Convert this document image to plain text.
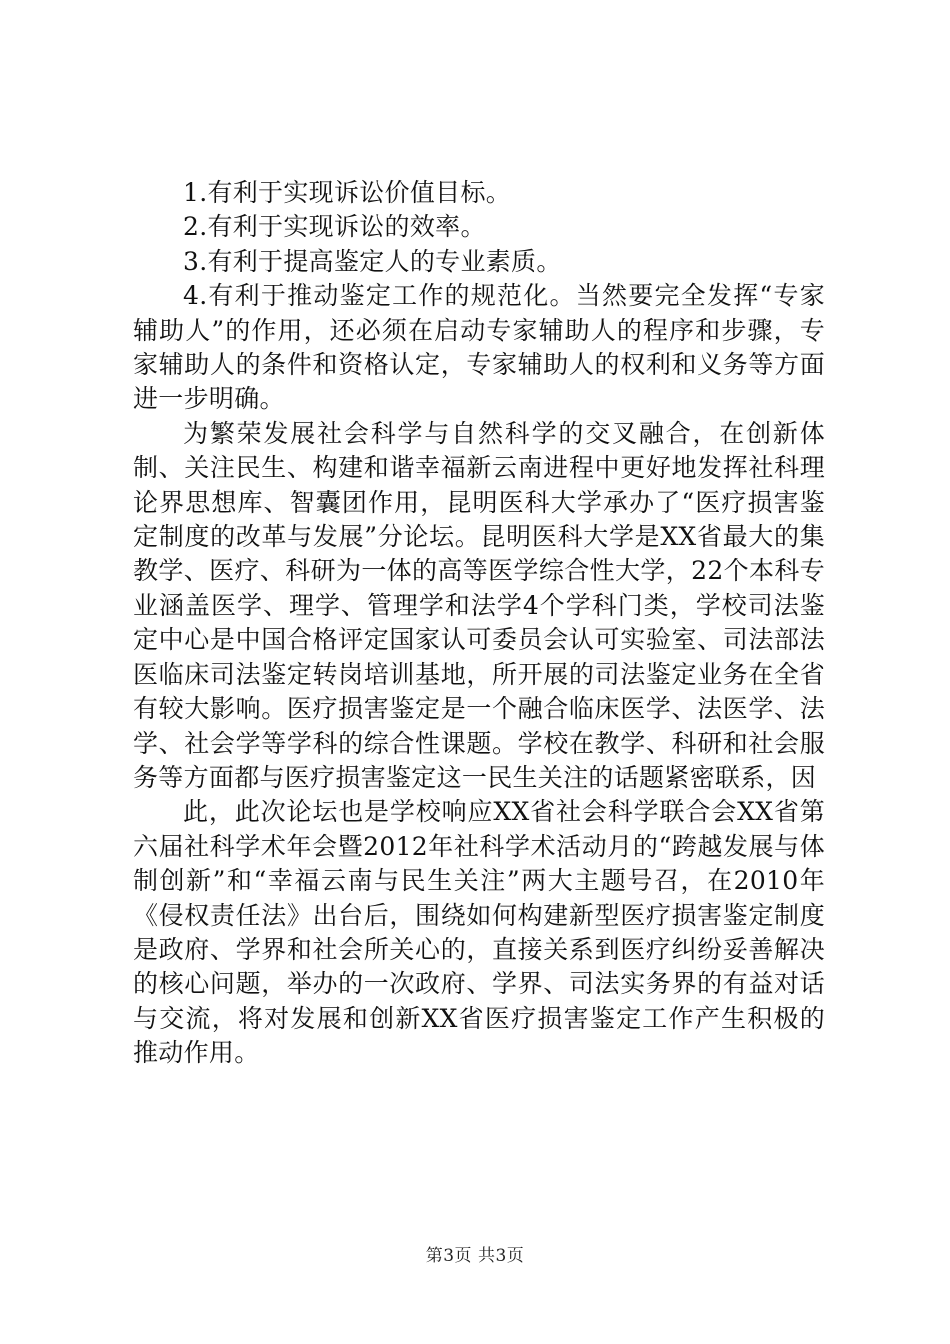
1.有利于实现诉讼价值目标。

2.有利于实现诉讼的效率。

3.有利于提高鉴定人的专业素质。

4.有利于推动鉴定工作的规范化。当然要完全发挥“专家辅助人”的作用，还必须在启动专家辅助人的程序和步骤，专家辅助人的条件和资格认定，专家辅助人的权利和义务等方面进一步明确。

为繁荣发展社会科学与自然科学的交叉融合，在创新体制、关注民生、构建和谐幸福新云南进程中更好地发挥社科理论界思想库、智囊团作用，昆明医科大学承办了“医疗损害鉴定制度的改革与发展”分论坛。昆明医科大学是XX省最大的集教学、医疗、科研为一体的高等医学综合性大学，22个本科专业涵盖医学、理学、管理学和法学4个学科门类，学校司法鉴定中心是中国合格评定国家认可委员会认可实验室、司法部法医临床司法鉴定转岗培训基地，所开展的司法鉴定业务在全省有较大影响。医疗损害鉴定是一个融合临床医学、法医学、法学、社会学等学科的综合性课题。学校在教学、科研和社会服务等方面都与医疗损害鉴定这一民生关注的话题紧密联系，因

此，此次论坛也是学校响应XX省社会科学联合会XX省第六届社科学术年会暨2012年社科学术活动月的“跨越发展与体制创新”和“幸福云南与民生关注”两大主题号召，在2010年《侵权责任法》出台后，围绕如何构建新型医疗损害鉴定制度是政府、学界和社会所关心的，直接关系到医疗纠纷妥善解决的核心问题，举办的一次政府、学界、司法实务界的有益对话与交流，将对发展和创新XX省医疗损害鉴定工作产生积极的推动作用。

第3页 共3页
